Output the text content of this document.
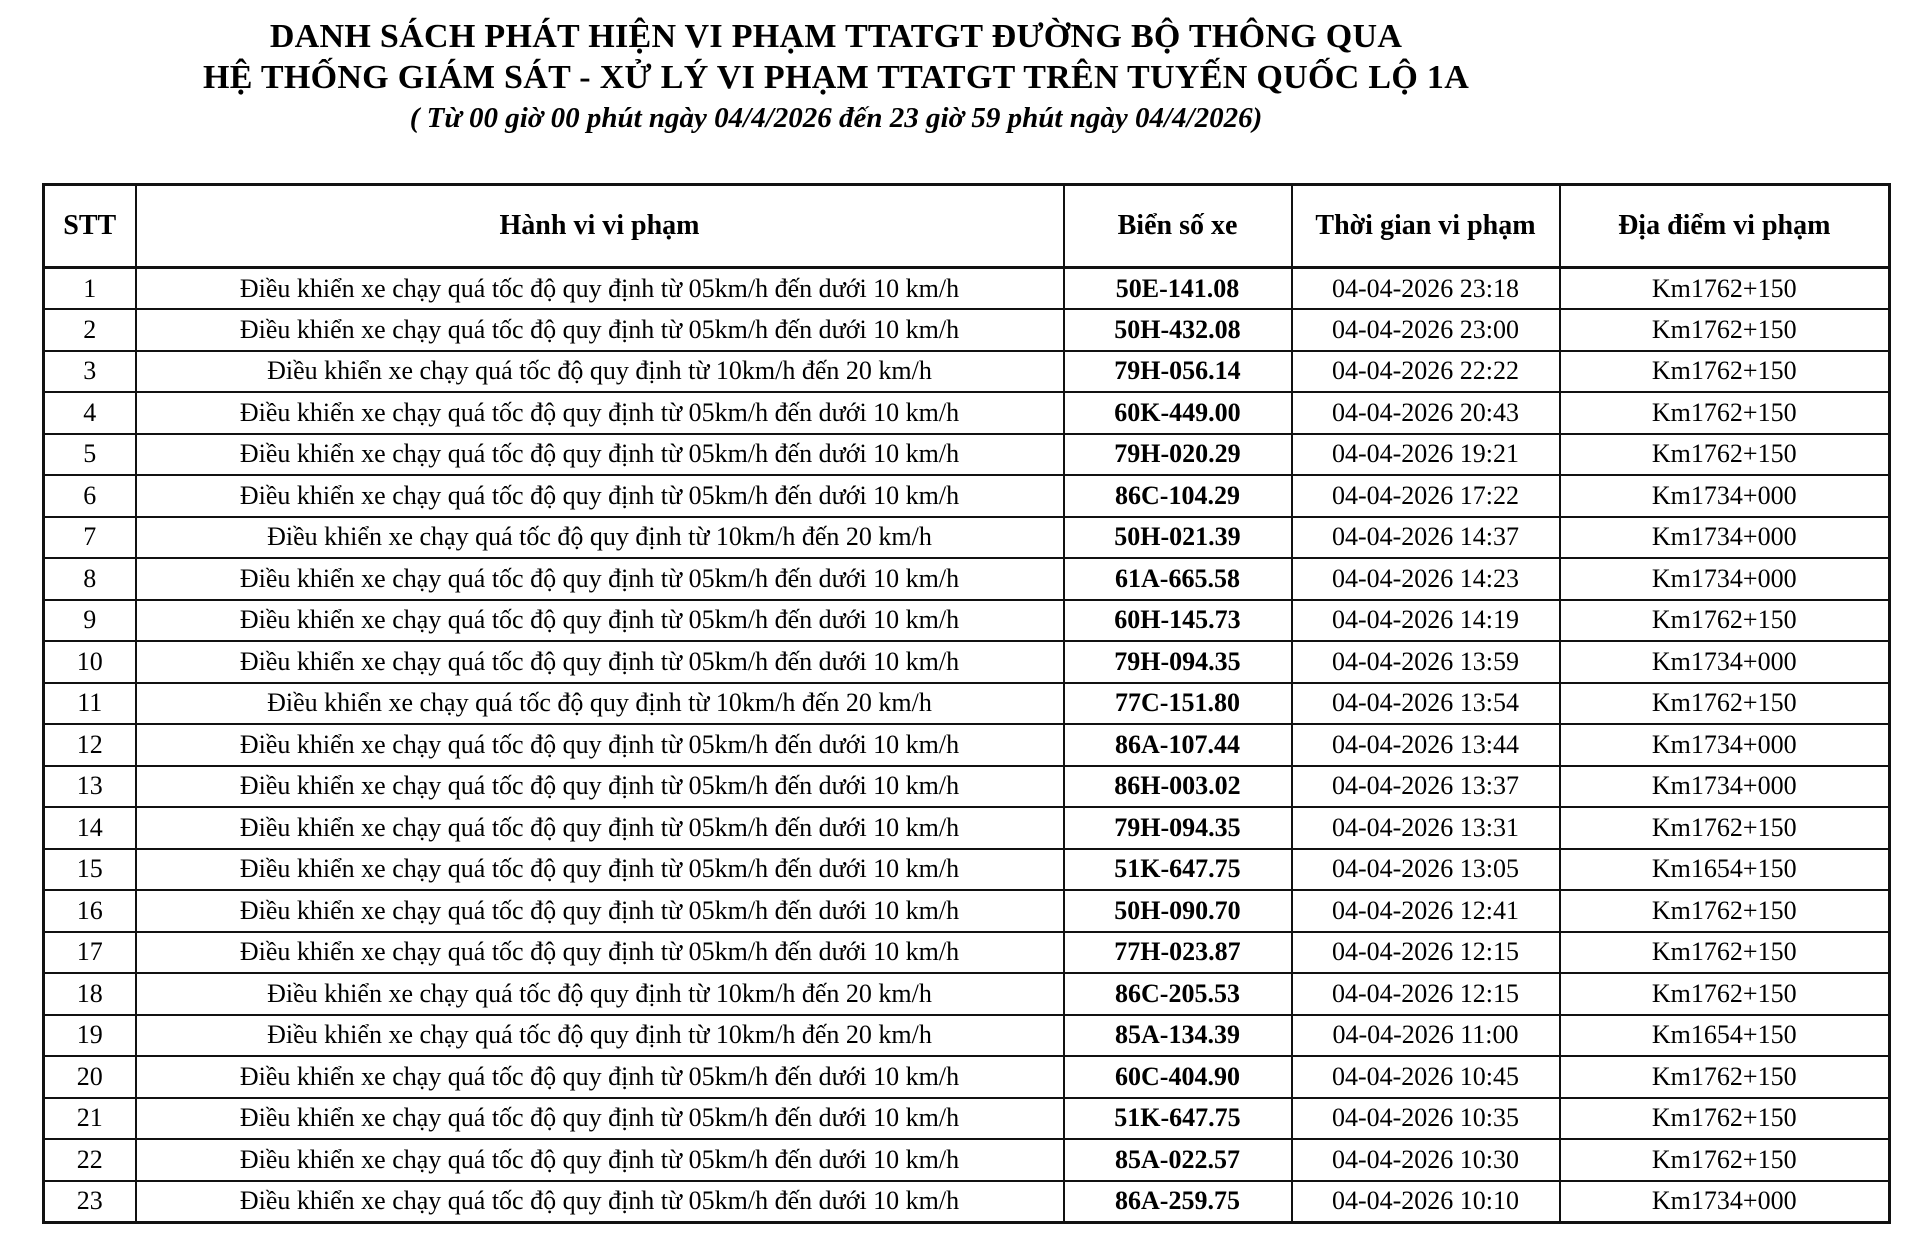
DANH SÁCH PHÁT HIỆN VI PHẠM TTATGT ĐƯỜNG BỘ THÔNG QUA
HỆ THỐNG GIÁM SÁT - XỬ LÝ VI PHẠM TTATGT TRÊN TUYẾN QUỐC LỘ 1A
( Từ 00 giờ 00 phút ngày 04/4/2026 đến 23 giờ 59 phút ngày 04/4/2026)
STT	Hành vi vi phạm	Biển số xe	Thời gian vi phạm	Địa điểm vi phạm
1	Điều khiển xe chạy quá tốc độ quy định từ 05km/h đến dưới 10 km/h	50E-141.08	04-04-2026 23:18	Km1762+150
2	Điều khiển xe chạy quá tốc độ quy định từ 05km/h đến dưới 10 km/h	50H-432.08	04-04-2026 23:00	Km1762+150
3	Điều khiển xe chạy quá tốc độ quy định từ 10km/h đến 20 km/h	79H-056.14	04-04-2026 22:22	Km1762+150
4	Điều khiển xe chạy quá tốc độ quy định từ 05km/h đến dưới 10 km/h	60K-449.00	04-04-2026 20:43	Km1762+150
5	Điều khiển xe chạy quá tốc độ quy định từ 05km/h đến dưới 10 km/h	79H-020.29	04-04-2026 19:21	Km1762+150
6	Điều khiển xe chạy quá tốc độ quy định từ 05km/h đến dưới 10 km/h	86C-104.29	04-04-2026 17:22	Km1734+000
7	Điều khiển xe chạy quá tốc độ quy định từ 10km/h đến 20 km/h	50H-021.39	04-04-2026 14:37	Km1734+000
8	Điều khiển xe chạy quá tốc độ quy định từ 05km/h đến dưới 10 km/h	61A-665.58	04-04-2026 14:23	Km1734+000
9	Điều khiển xe chạy quá tốc độ quy định từ 05km/h đến dưới 10 km/h	60H-145.73	04-04-2026 14:19	Km1762+150
10	Điều khiển xe chạy quá tốc độ quy định từ 05km/h đến dưới 10 km/h	79H-094.35	04-04-2026 13:59	Km1734+000
11	Điều khiển xe chạy quá tốc độ quy định từ 10km/h đến 20 km/h	77C-151.80	04-04-2026 13:54	Km1762+150
12	Điều khiển xe chạy quá tốc độ quy định từ 05km/h đến dưới 10 km/h	86A-107.44	04-04-2026 13:44	Km1734+000
13	Điều khiển xe chạy quá tốc độ quy định từ 05km/h đến dưới 10 km/h	86H-003.02	04-04-2026 13:37	Km1734+000
14	Điều khiển xe chạy quá tốc độ quy định từ 05km/h đến dưới 10 km/h	79H-094.35	04-04-2026 13:31	Km1762+150
15	Điều khiển xe chạy quá tốc độ quy định từ 05km/h đến dưới 10 km/h	51K-647.75	04-04-2026 13:05	Km1654+150
16	Điều khiển xe chạy quá tốc độ quy định từ 05km/h đến dưới 10 km/h	50H-090.70	04-04-2026 12:41	Km1762+150
17	Điều khiển xe chạy quá tốc độ quy định từ 05km/h đến dưới 10 km/h	77H-023.87	04-04-2026 12:15	Km1762+150
18	Điều khiển xe chạy quá tốc độ quy định từ 10km/h đến 20 km/h	86C-205.53	04-04-2026 12:15	Km1762+150
19	Điều khiển xe chạy quá tốc độ quy định từ 10km/h đến 20 km/h	85A-134.39	04-04-2026 11:00	Km1654+150
20	Điều khiển xe chạy quá tốc độ quy định từ 05km/h đến dưới 10 km/h	60C-404.90	04-04-2026 10:45	Km1762+150
21	Điều khiển xe chạy quá tốc độ quy định từ 05km/h đến dưới 10 km/h	51K-647.75	04-04-2026 10:35	Km1762+150
22	Điều khiển xe chạy quá tốc độ quy định từ 05km/h đến dưới 10 km/h	85A-022.57	04-04-2026 10:30	Km1762+150
23	Điều khiển xe chạy quá tốc độ quy định từ 05km/h đến dưới 10 km/h	86A-259.75	04-04-2026 10:10	Km1734+000
